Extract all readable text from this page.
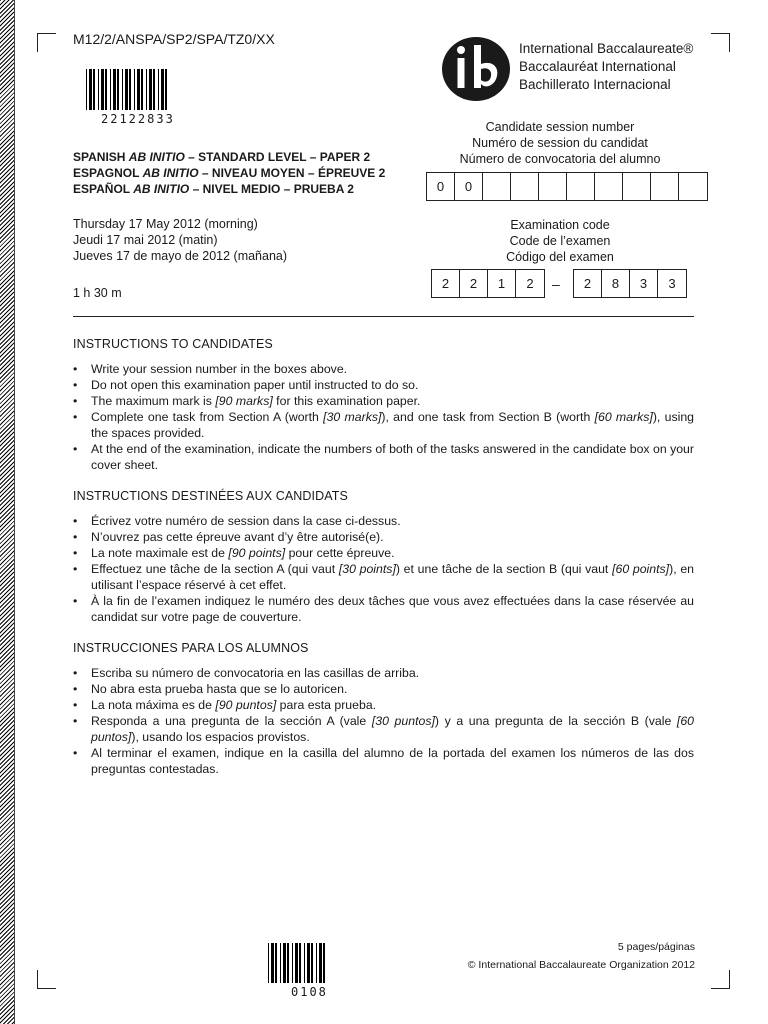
M12/2/ANSPA/SP2/SPA/TZ0/XX
22122833
International Baccalaureate®
Baccalauréat International
Bachillerato Internacional
SPANISH AB INITIO – STANDARD LEVEL – PAPER 2
ESPAGNOL AB INITIO – NIVEAU MOYEN – ÉPREUVE 2
ESPAÑOL AB INITIO – NIVEL MEDIO – PRUEBA 2
Candidate session number
Numéro de session du candidat
Número de convocatoria del alumno
0	0
Examination code
Code de l’examen
Código del examen
2	2	1	2	–	2	8	3	3
Thursday 17 May 2012 (morning)
Jeudi 17 mai 2012 (matin)
Jueves 17 de mayo de 2012 (mañana)
1 h 30 m
INSTRUCTIONS TO CANDIDATES
• Write your session number in the boxes above.
• Do not open this examination paper until instructed to do so.
• The maximum mark is [90 marks] for this examination paper.
• Complete one task from Section A (worth [30 marks]), and one task from Section B (worth [60 marks]), using the spaces provided.
• At the end of the examination, indicate the numbers of both of the tasks answered in the candidate box on your cover sheet.
INSTRUCTIONS DESTINÉES AUX CANDIDATS
• Écrivez votre numéro de session dans la case ci-dessus.
• N’ouvrez pas cette épreuve avant d’y être autorisé(e).
• La note maximale est de [90 points] pour cette épreuve.
• Effectuez une tâche de la section A (qui vaut [30 points]) et une tâche de la section B (qui vaut [60 points]), en utilisant l’espace réservé à cet effet.
• À la fin de l’examen indiquez le numéro des deux tâches que vous avez effectuées dans la case réservée au candidat sur votre page de couverture.
INSTRUCCIONES PARA LOS ALUMNOS
• Escriba su número de convocatoria en las casillas de arriba.
• No abra esta prueba hasta que se lo autoricen.
• La nota máxima es de [90 puntos] para esta prueba.
• Responda a una pregunta de la sección A (vale [30 puntos]) y a una pregunta de la sección B (vale [60 puntos]), usando los espacios provistos.
• Al terminar el examen, indique en la casilla del alumno de la portada del examen los números de las dos preguntas contestadas.
0108
5 pages/páginas
© International Baccalaureate Organization 2012
